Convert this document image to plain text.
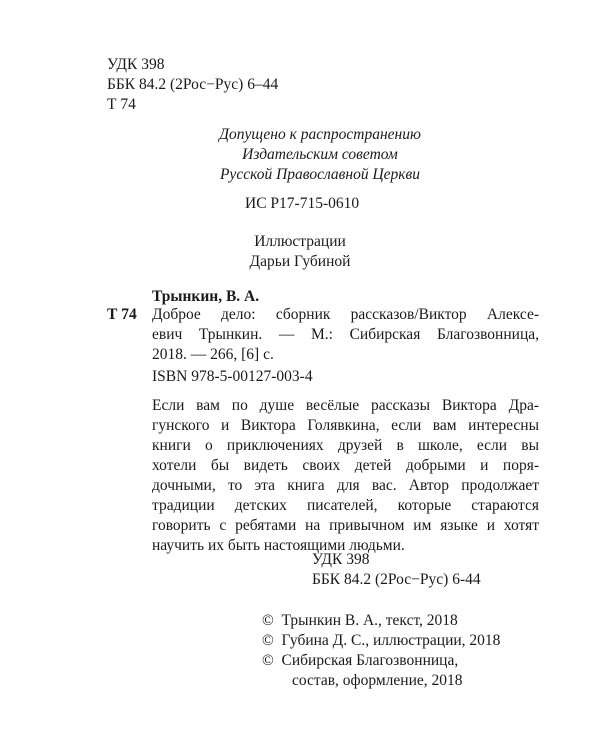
УДК 398
ББК 84.2 (2Рос−Рус) 6–44
Т 74
Допущено к распространению
Издательским советом
Русской Православной Церкви
ИС Р17-715-0610
Иллюстрации
Дарьи Губиной
Т 74
Трынкин, В. А.
Доброе дело: сборник рассказов/Виктор Алексе-
евич Трынкин. — М.: Сибирская Благозвонница,
2018. — 266, [6] с.
ISBN 978-5-00127-003-4
Если вам по душе весёлые рассказы Виктора Дра-
гунского и Виктора Голявкина, если вам интересны
книги о приключениях друзей в школе, если вы
хотели бы видеть своих детей добрыми и поря-
дочными, то эта книга для вас. Автор продолжает
традиции детских писателей, которые стараются
говорить с ребятами на привычном им языке и хотят
научить их быть настоящими людьми.
УДК 398
ББК 84.2 (2Рос−Рус) 6-44
© Трынкин В. А., текст, 2018
© Губина Д. С., иллюстрации, 2018
© Сибирская Благозвонница,
состав, оформление, 2018
